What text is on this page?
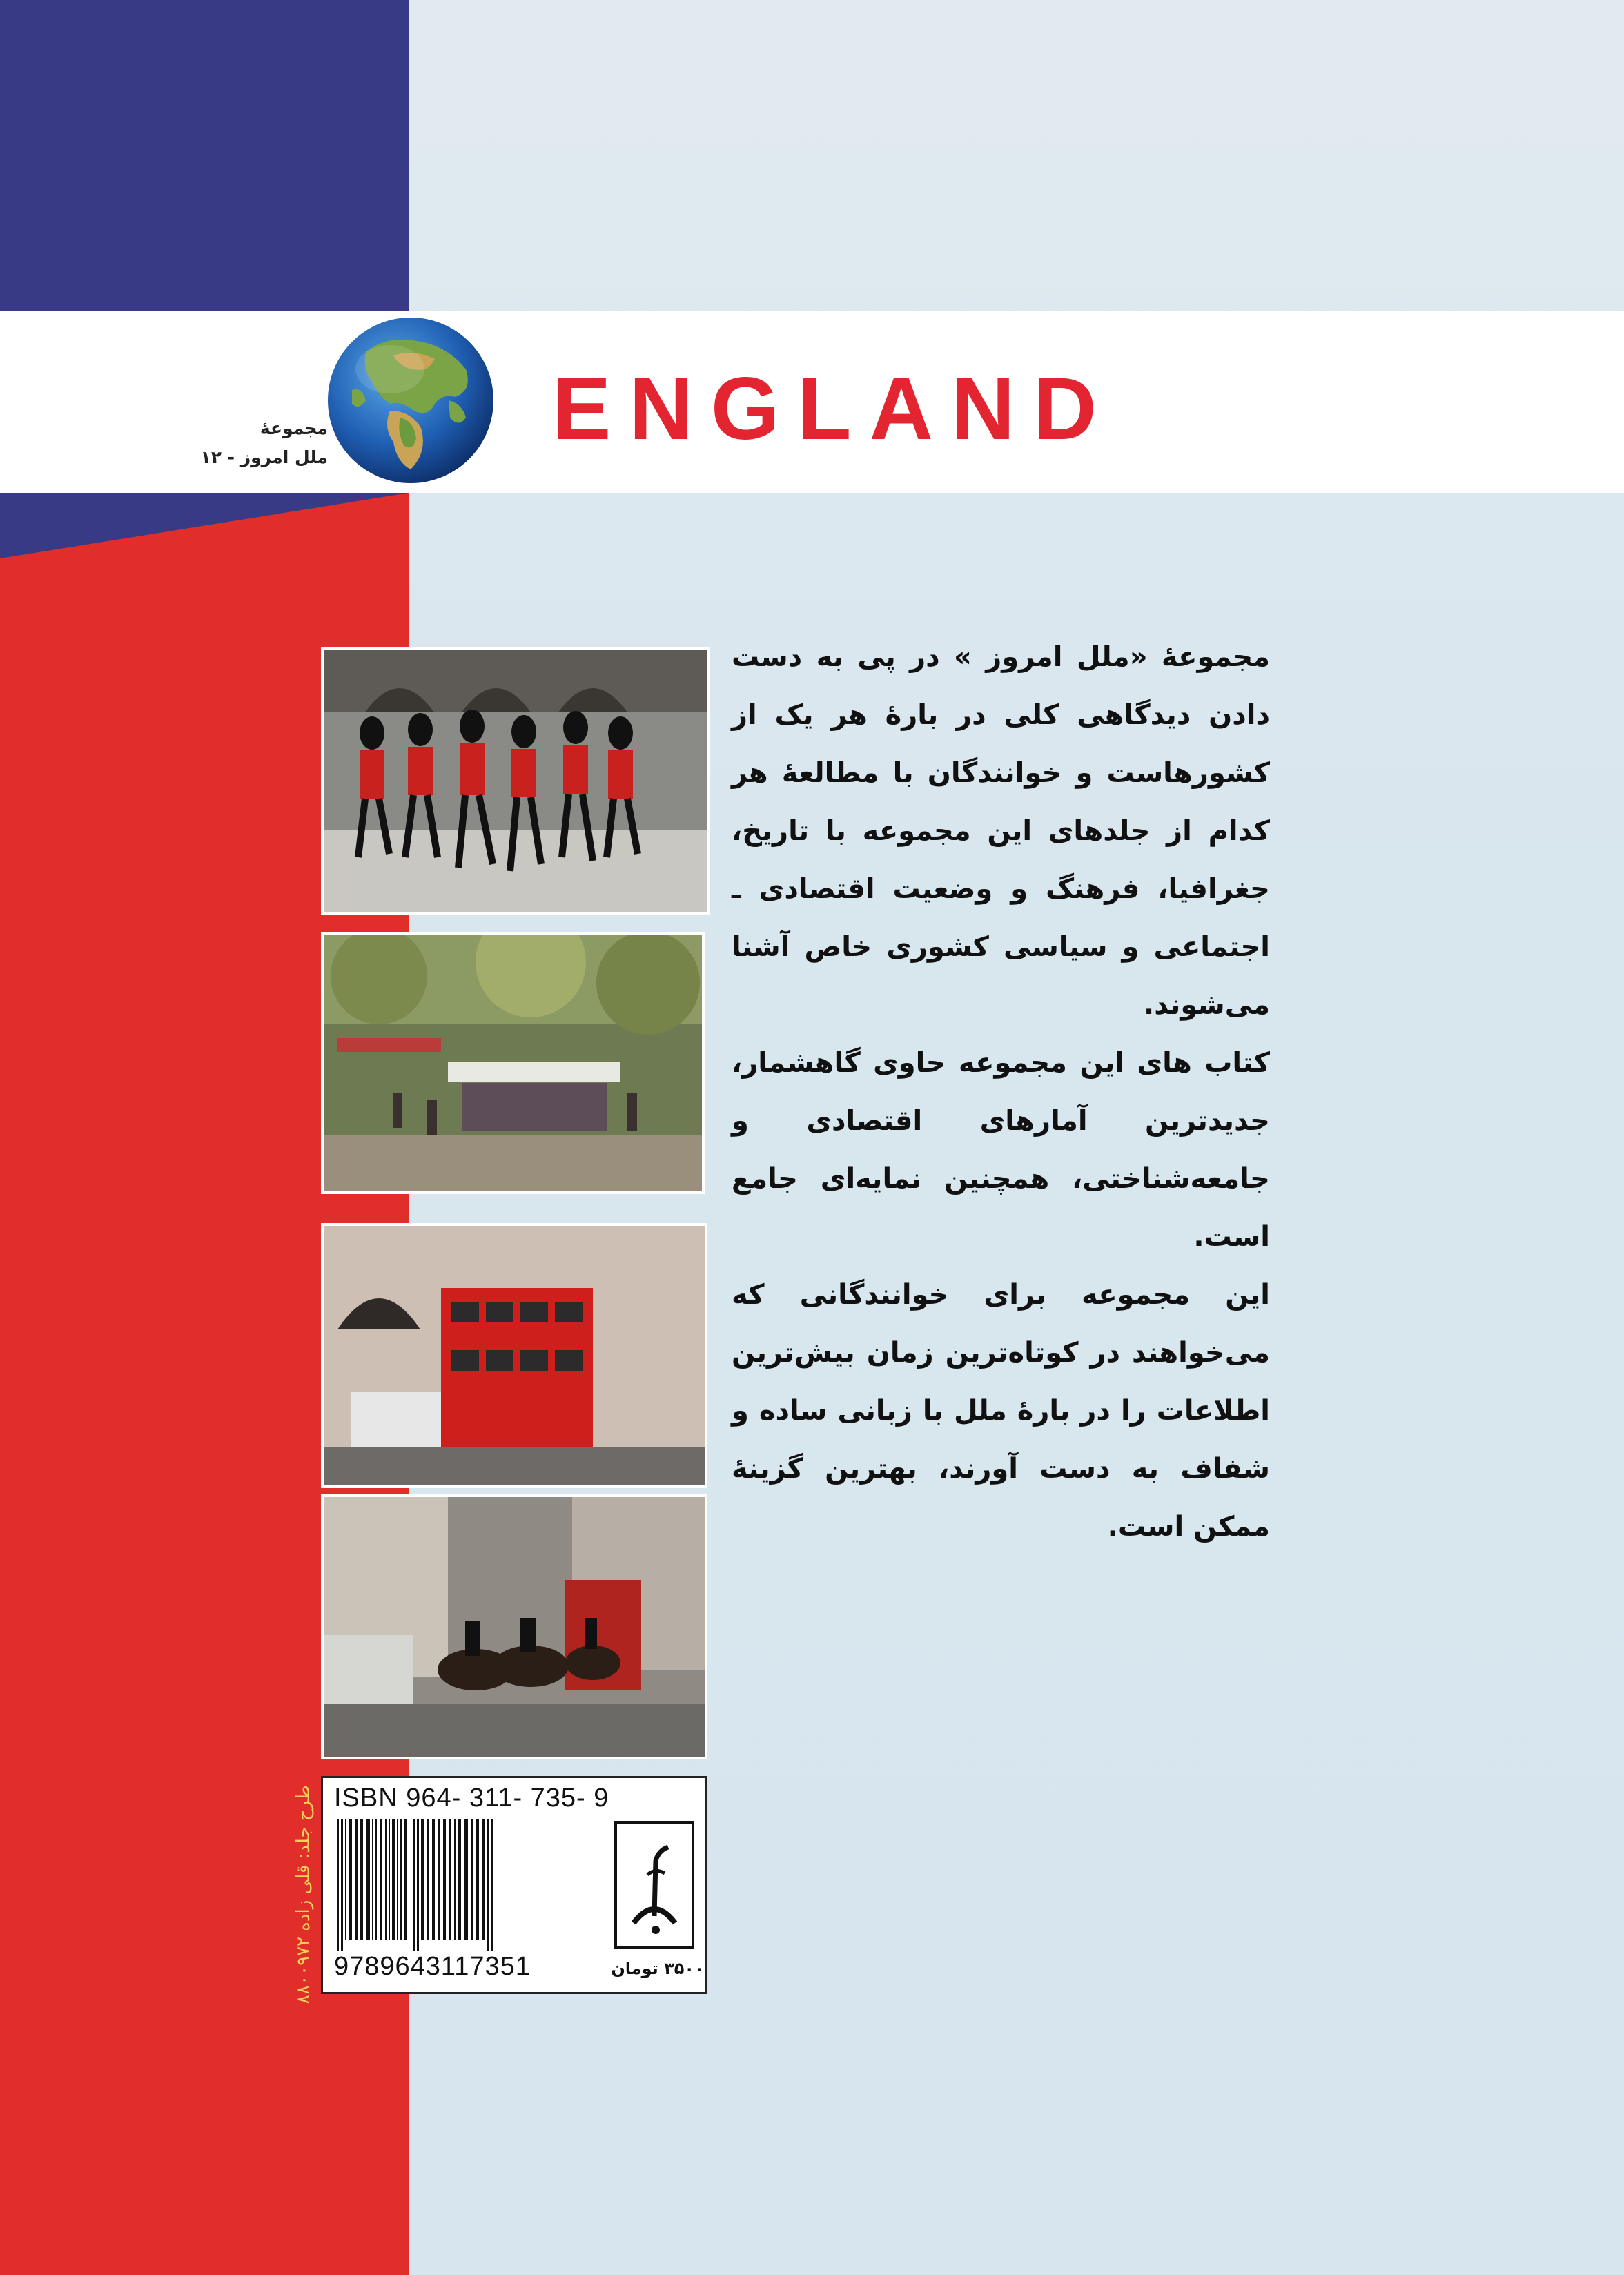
ENGLAND
مجموعهٔ
ملل امروز - ۱۲

مجموعهٔ «ملل امروز » در پی به دست دادن دیدگاهی کلی در بارهٔ هر یک از کشورهاست و خوانندگان با مطالعهٔ هر کدام از جلدهای این مجموعه با تاریخ، جغرافیا، فرهنگ و وضعیت اقتصادی ـ اجتماعی و سیاسی کشوری خاص آشنا می‌شوند.

کتاب های این مجموعه حاوی گاهشمار، جدیدترین آمارهای اقتصادی و جامعه‌شناختی، همچنین نمایه‌ای جامع است.

این مجموعه برای خوانندگانی که می‌خواهند در کوتاه‌ترین زمان بیش‌ترین اطلاعات را در بارهٔ ملل با زبانی ساده و شفاف به دست آورند، بهترین گزینهٔ ممکن است.

طرح جلد: قلی زاده ۸۸۰۰۹۷۲ ISBN 964- 311- 735- 9
9789643117351	۳۵۰۰ تومان
